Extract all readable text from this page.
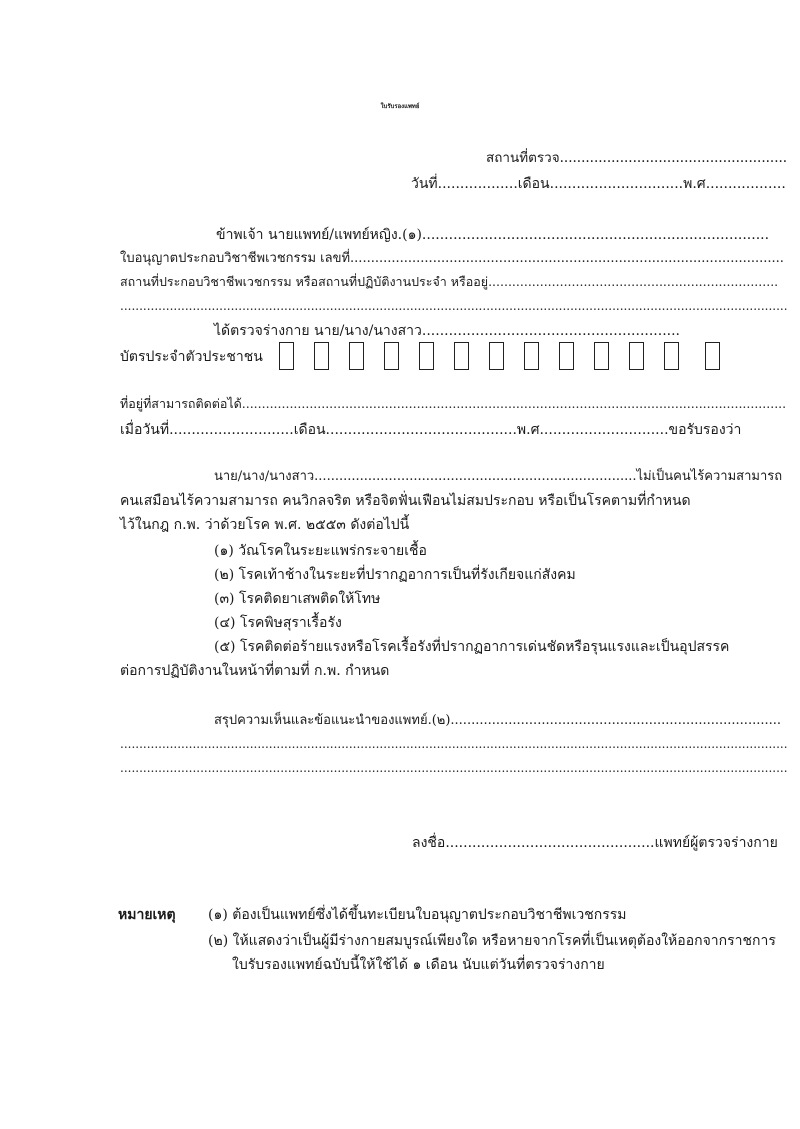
ใบรับรองแพทย์
สถานที่ตรวจ.....................................................
วันที่..................เดือน..............................พ.ศ..................
ข้าพเจ้า นายแพทย์/แพทย์หญิง.(๑)..............................................................................
ใบอนุญาตประกอบวิชาชีพเวชกรรม เลขที่.........................................................................................................
สถานที่ประกอบวิชาชีพเวชกรรม หรือสถานที่ปฏิบัติงานประจำ หรืออยู่.........................................................................
...............................................................................................................................................................................
ได้ตรวจร่างกาย นาย/นาง/นางสาว..........................................................
บัตรประจำตัวประชาชน
ที่อยู่ที่สามารถติดต่อได้.........................................................................................................................................
เมื่อวันที่............................เดือน...........................................พ.ศ.............................ขอรับรองว่า
นาย/นาง/นางสาว..............................................................................ไม่เป็นคนไร้ความสามารถ
คนเสมือนไร้ความสามารถ คนวิกลจริต หรือจิตฟั่นเฟือนไม่สมประกอบ หรือเป็นโรคตามที่กำหนด
ไว้ในกฎ ก.พ. ว่าด้วยโรค พ.ศ. ๒๕๕๓ ดังต่อไปนี้
(๑) วัณโรคในระยะแพร่กระจายเชื้อ
(๒) โรคเท้าช้างในระยะที่ปรากฏอาการเป็นที่รังเกียจแก่สังคม
(๓) โรคติดยาเสพติดให้โทษ
(๔) โรคพิษสุราเรื้อรัง
(๕) โรคติดต่อร้ายแรงหรือโรคเรื้อรังที่ปรากฏอาการเด่นชัดหรือรุนแรงและเป็นอุปสรรค
ต่อการปฏิบัติงานในหน้าที่ตามที่ ก.พ. กำหนด
สรุปความเห็นและข้อแนะนำของแพทย์.(๒)................................................................................
...............................................................................................................................................................................
...............................................................................................................................................................................
ลงชื่อ...............................................แพทย์ผู้ตรวจร่างกาย
หมายเหตุ (๑) ต้องเป็นแพทย์ซึ่งได้ขึ้นทะเบียนใบอนุญาตประกอบวิชาชีพเวชกรรม
(๒) ให้แสดงว่าเป็นผู้มีร่างกายสมบูรณ์เพียงใด หรือหายจากโรคที่เป็นเหตุต้องให้ออกจากราชการ
ใบรับรองแพทย์ฉบับนี้ให้ใช้ได้ ๑ เดือน นับแต่วันที่ตรวจร่างกาย
